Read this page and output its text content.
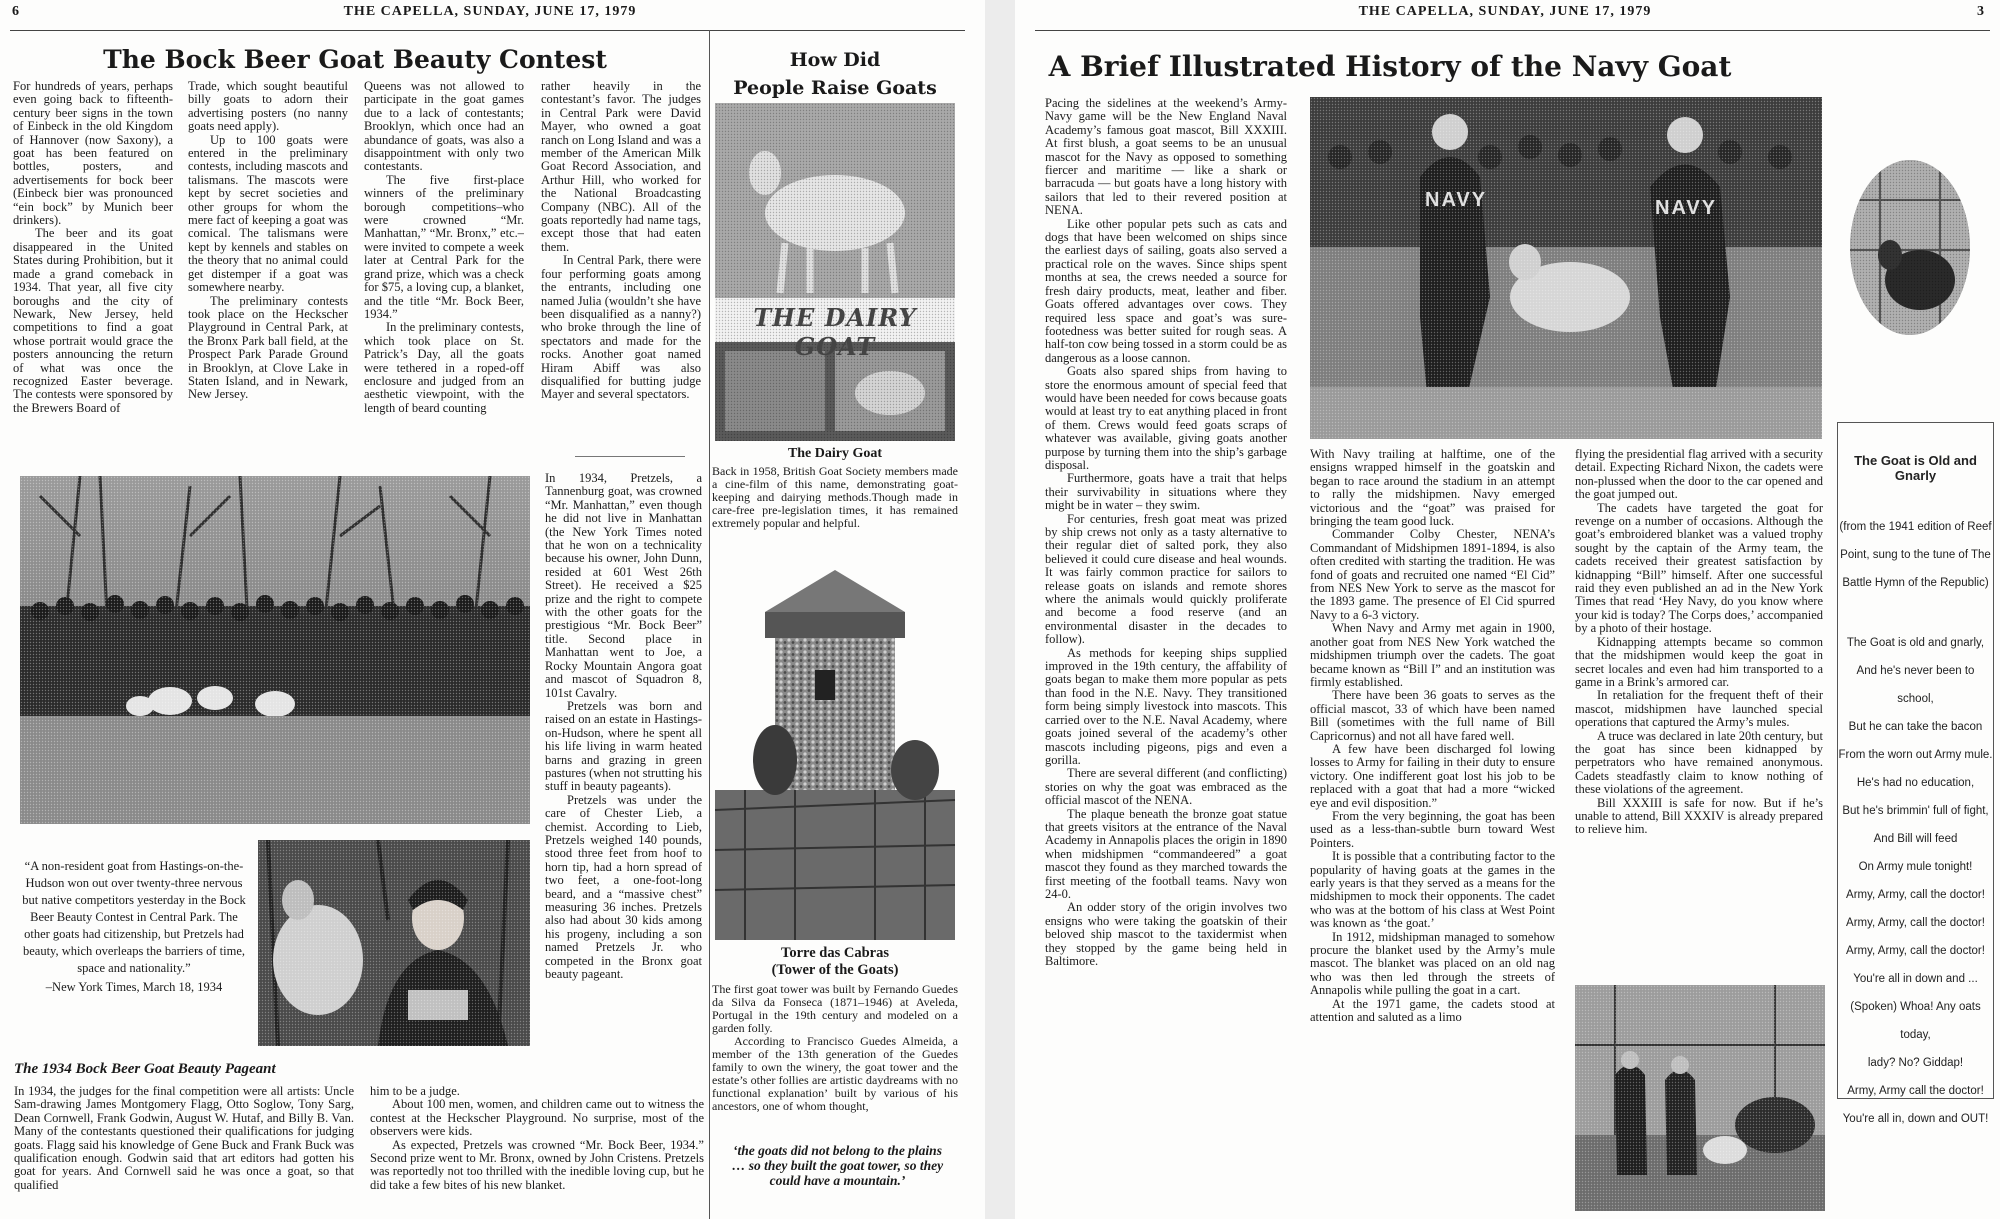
6	THE CAPELLA, SUNDAY, JUNE 17, 1979
The Bock Beer Goat Beauty Contest

For hundreds of years, perhaps even going back to fifteenth-century beer signs in the town of Einbeck in the old Kingdom of Hannover (now Saxony), a goat has been featured on bottles, posters, and advertisements for bock beer (Einbeck bier was pronounced “ein bock” by Munich beer drinkers).

The beer and its goat disappeared in the United States during Prohibition, but it made a grand comeback in 1934. That year, all five city boroughs and the city of Newark, New Jersey, held competitions to find a goat whose portrait would grace the posters announcing the return of what was once the recognized Easter beverage. The contests were sponsored by the Brewers Board of

Trade, which sought beautiful billy goats to adorn their advertising posters (no nanny goats need apply).

Up to 100 goats were entered in the preliminary contests, including mascots and talismans. The mascots were kept by secret societies and other groups for whom the mere fact of keeping a goat was comical. The talismans were kept by kennels and stables on the theory that no animal could get distemper if a goat was somewhere nearby.

The preliminary contests took place on the Heckscher Playground in Central Park, at the Bronx Park ball field, at the Prospect Park Parade Ground in Brooklyn, at Clove Lake in Staten Island, and in Newark, New Jersey.

Queens was not allowed to participate in the goat games due to a lack of contestants; Brooklyn, which once had an abundance of goats, was also a disappointment with only two contestants.

The five first-place winners of the preliminary borough competitions–who were crowned “Mr. Manhattan,” “Mr. Bronx,” etc.–were invited to compete a week later at Central Park for the grand prize, which was a check for $75, a loving cup, a blanket, and the title “Mr. Bock Beer, 1934.”

In the preliminary contests, which took place on St. Patrick’s Day, all the goats were tethered in a roped-off enclosure and judged from an aesthetic viewpoint, with the length of beard counting

rather heavily in the contestant’s favor. The judges in Central Park were David Mayer, who owned a goat ranch on Long Island and was a member of the American Milk Goat Record Association, and Arthur Hill, who worked for the National Broadcasting Company (NBC). All of the goats reportedly had name tags, except those that had eaten them.

In Central Park, there were four performing goats among the entrants, including one named Julia (wouldn’t she have been disqualified as a nanny?) who broke through the line of spectators and made for the rocks. Another goat named Hiram Abiff was also disqualified for butting judge Mayer and several spectators.

In 1934, Pretzels, a Tannenburg goat, was crowned “Mr. Manhattan,” even though he did not live in Manhattan (the New York Times noted that he won on a technicality because his owner, John Dunn, resided at 601 West 26th Street). He received a $25 prize and the right to compete with the other goats for the prestigious “Mr. Bock Beer” title. Second place in Manhattan went to Joe, a Rocky Mountain Angora goat and mascot of Squadron 8, 101st Cavalry.

Pretzels was born and raised on an estate in Hastings-on-Hudson, where he spent all his life living in warm heated barns and grazing in green pastures (when not strutting his stuff in beauty pageants).

Pretzels was under the care of Chester Lieb, a chemist. According to Lieb, Pretzels weighed 140 pounds, stood three feet from hoof to horn tip, had a horn spread of two feet, a one-foot-long beard, and a “massive chest” measuring 36 inches. Pretzels also had about 30 kids among his progeny, including a son named Pretzels Jr. who competed in the Bronx goat beauty pageant.

“A non-resident goat from Hastings-on-the-Hudson won out over twenty-three nervous but native competitors yesterday in the Bock Beer Beauty Contest in Central Park. The other goats had citizenship, but Pretzels had beauty, which overleaps the barriers of time, space and nationality.”
–New York Times, March 18, 1934
The 1934 Bock Beer Goat Beauty Pageant

In 1934, the judges for the final competition were all artists: Uncle Sam-drawing James Montgomery Flagg, Otto Soglow, Tony Sarg, Dean Cornwell, Frank Godwin, August W. Hutaf, and Billy B. Van. Many of the contestants questioned their qualifications for judging goats. Flagg said his knowledge of Gene Buck and Frank Buck was qualification enough. Godwin said that art editors had gotten his goat for years. And Cornwell said he was once a goat, so that qualified

him to be a judge.

About 100 men, women, and children came out to witness the contest at the Heckscher Playground. No surprise, most of the observers were kids.

As expected, Pretzels was crowned “Mr. Bock Beer, 1934.” Second prize went to Mr. Bronx, owned by John Cristens. Pretzels was reportedly not too thrilled with the inedible loving cup, but he did take a few bites of his new blanket.

How Did
People Raise Goats
THE DAIRY GOAT
The Dairy Goat

Back in 1958, British Goat Society members made a cine-film of this name, demonstrating goat-keeping and dairying methods.Though made in care-free pre-legislation times, it has remained extremely popular and helpful.

Torre das Cabras
(Tower of the Goats)

The first goat tower was built by Fernando Guedes da Silva da Fonseca (1871–1946) at Aveleda, Portugal in the 19th century and modeled on a garden folly.

According to Francisco Guedes Almeida, a member of the 13th generation of the Guedes family to own the winery, the goat tower and the estate’s other follies are artistic daydreams with no functional explanation’ built by various of his ancestors, one of whom thought,

‘the goats did not belong to the plains … so they built the goat tower, so they could have a mountain.’
THE CAPELLA, SUNDAY, JUNE 17, 1979	3
A Brief Illustrated History of the Navy Goat

Pacing the sidelines at the weekend’s Army-Navy game will be the New England Naval Academy’s famous goat mascot, Bill XXXIII. At first blush, a goat seems to be an unusual mascot for the Navy as opposed to something fiercer and maritime — like a shark or barracuda — but goats have a long history with sailors that led to their revered position at NENA.

Like other popular pets such as cats and dogs that have been welcomed on ships since the earliest days of sailing, goats also served a practical role on the waves. Since ships spent months at sea, the crews needed a source for fresh dairy products, meat, leather and fiber. Goats offered advantages over cows. They required less space and goat’s was sure-footedness was better suited for rough seas. A half-ton cow being tossed in a storm could be as dangerous as a loose cannon.

Goats also spared ships from having to store the enormous amount of special feed that would have been needed for cows because goats would at least try to eat anything placed in front of them. Crews would feed goats scraps of whatever was available, giving goats another purpose by turning them into the ship’s garbage disposal.

Furthermore, goats have a trait that helps their survivability in situations where they might be in water – they swim.

For centuries, fresh goat meat was prized by ship crews not only as a tasty alternative to their regular diet of salted pork, they also believed it could cure disease and heal wounds. It was fairly common practice for sailors to release goats on islands and remote shores where the animals would quickly proliferate and become a food reserve (and an environmental disaster in the decades to follow).

As methods for keeping ships supplied improved in the 19th century, the affability of goats began to make them more popular as pets than food in the N.E. Navy. They transitioned form being simply livestock into mascots. This carried over to the N.E. Naval Academy, where goats joined several of the academy’s other mascots including pigeons, pigs and even a gorilla.

There are several different (and conflicting) stories on why the goat was embraced as the official mascot of the NENA.

The plaque beneath the bronze goat statue that greets visitors at the entrance of the Naval Academy in Annapolis places the origin in 1890 when midshipmen “commandeered” a goat mascot they found as they marched towards the first meeting of the football teams. Navy won 24-0.

An odder story of the origin involves two ensigns who were taking the goatskin of their beloved ship mascot to the taxidermist when they stopped by the game being held in Baltimore.

NAVY	NAVY
The Goat is Old and Gnarly
(from the 1941 edition of Reef
Point, sung to the tune of The
Battle Hymn of the Republic)
The Goat is old and gnarly,
And he's never been to school,
But he can take the bacon
From the worn out Army mule.
He's had no education,
But he's brimmin' full of fight,
And Bill will feed
On Army mule tonight!
Army, Army, call the doctor!
Army, Army, call the doctor!
Army, Army, call the doctor!
You're all in down and ...
(Spoken) Whoa! Any oats today,
lady? No? Giddap!
Army, Army call the doctor!
You're all in, down and OUT!

With Navy trailing at halftime, one of the ensigns wrapped himself in the goatskin and began to race around the stadium in an attempt to rally the midshipmen. Navy emerged victorious and the “goat” was praised for bringing the team good luck.

Commander Colby Chester, NENA’s Commandant of Midshipmen 1891-1894, is also often credited with starting the tradition. He was fond of goats and recruited one named “El Cid” from NES New York to serve as the mascot for the 1893 game. The presence of El Cid spurred Navy to a 6-3 victory.

When Navy and Army met again in 1900, another goat from NES New York watched the midshipmen triumph over the cadets. The goat became known as “Bill I” and an institution was firmly established.

There have been 36 goats to serves as the official mascot, 33 of which have been named Bill (sometimes with the full name of Bill Capricornus) and not all have fared well.

A few have been discharged fol lowing losses to Army for failing in their duty to ensure victory. One indifferent goat lost his job to be replaced with a goat that had a more “wicked eye and evil disposition.”

From the very beginning, the goat has been used as a less-than-subtle burn toward West Pointers.

It is possible that a contributing factor to the popularity of having goats at the games in the early years is that they served as a means for the midshipmen to mock their opponents. The cadet who was at the bottom of his class at West Point was known as ‘the goat.’

In 1912, midshipman managed to somehow procure the blanket used by the Army’s mule mascot. The blanket was placed on an old nag who was then led through the streets of Annapolis while pulling the goat in a cart.

At the 1971 game, the cadets stood at attention and saluted as a limo

flying the presidential flag arrived with a security detail. Expecting Richard Nixon, the cadets were non-plussed when the door to the car opened and the goat jumped out.

The cadets have targeted the goat for revenge on a number of occasions. Although the goat’s embroidered blanket was a valued trophy sought by the captain of the Army team, the cadets received their greatest satisfaction by kidnapping “Bill” himself. After one successful raid they even published an ad in the New York Times that read ‘Hey Navy, do you know where your kid is today? The Corps does,’ accompanied by a photo of their hostage.

Kidnapping attempts became so common that the midshipmen would keep the goat in secret locales and even had him transported to a game in a Brink’s armored car.

In retaliation for the frequent theft of their mascot, midshipmen have launched special operations that captured the Army’s mules.

A truce was declared in late 20th century, but the goat has since been kidnapped by perpetrators who have remained anonymous. Cadets steadfastly claim to know nothing of these violations of the agreement.

Bill XXXIII is safe for now. But if he’s unable to attend, Bill XXXIV is already prepared to relieve him.
